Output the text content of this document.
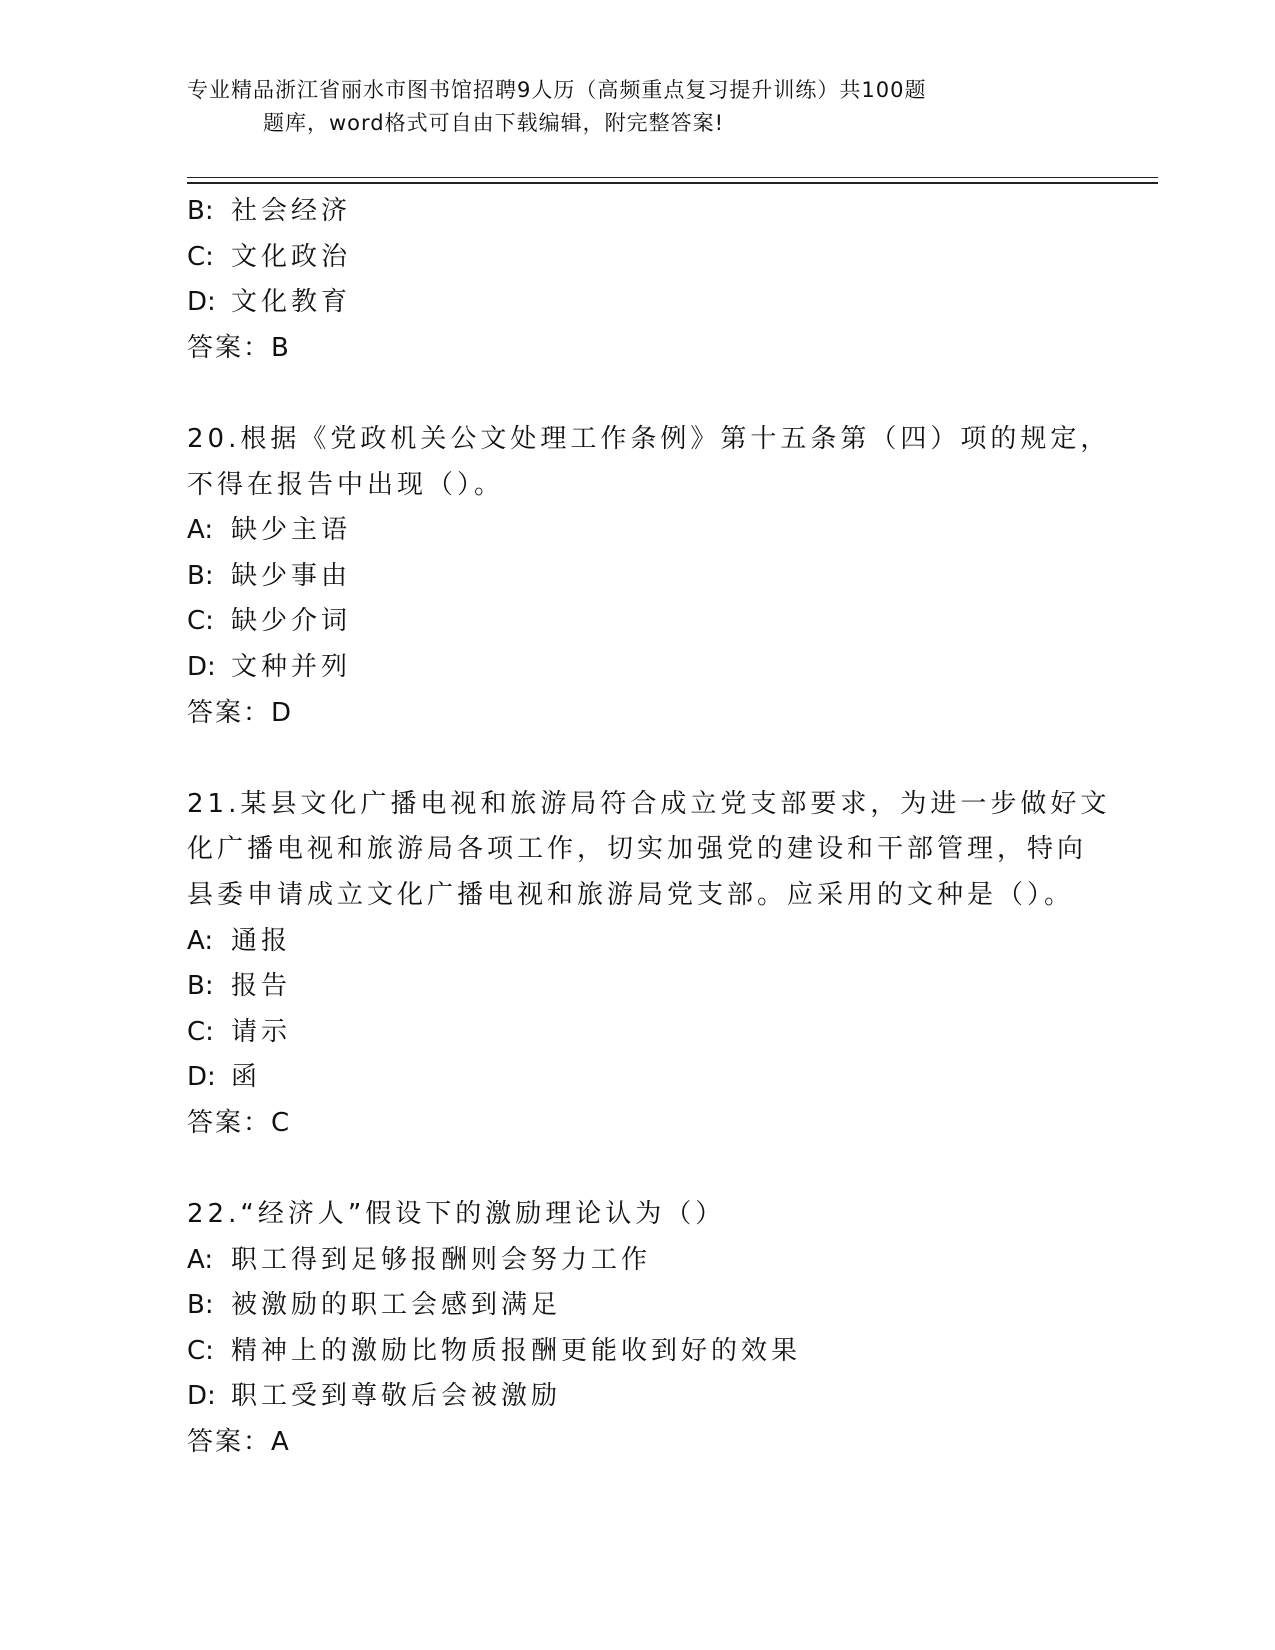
专业精品浙江省丽水市图书馆招聘9人历（高频重点复习提升训练）共100题
题库，word格式可自由下载编辑，附完整答案!
B: 社会经济
C: 文化政治
D: 文化教育
答案：B
20.根据《党政机关公文处理工作条例》第十五条第（四）项的规定，
不得在报告中出现（）。
A: 缺少主语
B: 缺少事由
C: 缺少介词
D: 文种并列
答案：D
21.某县文化广播电视和旅游局符合成立党支部要求，为进一步做好文
化广播电视和旅游局各项工作，切实加强党的建设和干部管理，特向
县委申请成立文化广播电视和旅游局党支部。应采用的文种是（）。
A: 通报
B: 报告
C: 请示
D: 函
答案：C
22.“经济人”假设下的激励理论认为（）
A: 职工得到足够报酬则会努力工作
B: 被激励的职工会感到满足
C: 精神上的激励比物质报酬更能收到好的效果
D: 职工受到尊敬后会被激励
答案：A
